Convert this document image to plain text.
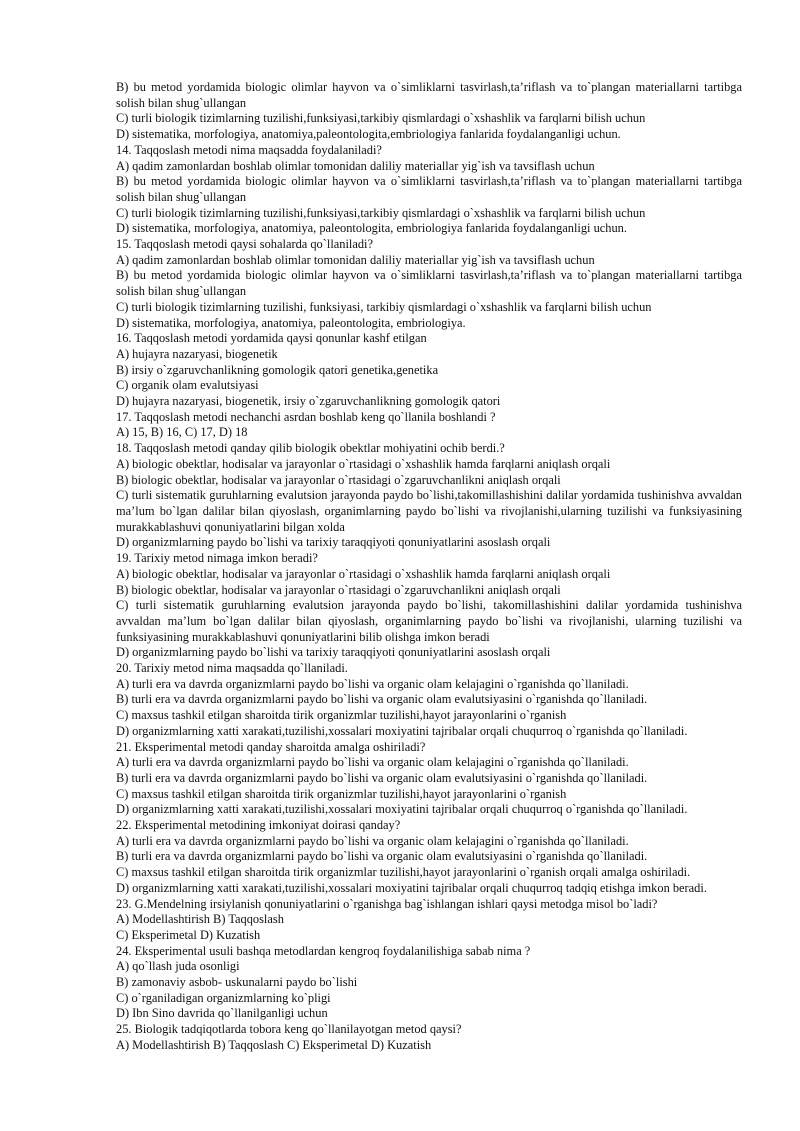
B) bu metod yordamida biologic olimlar hayvon va o`simliklarni tasvirlash,ta’riflash va to`plangan materiallarni tartibga solish bilan shug`ullangan

C) turli biologik tizimlarning tuzilishi,funksiyasi,tarkibiy qismlardagi o`xshashlik va farqlarni bilish uchun

D) sistematika, morfologiya, anatomiya,paleontologita,embriologiya fanlarida foydalanganligi uchun.

14. Taqqoslash metodi nima maqsadda foydalaniladi?

A) qadim zamonlardan boshlab olimlar tomonidan daliliy materiallar yig`ish va tavsiflash uchun

B) bu metod yordamida biologic olimlar hayvon va o`simliklarni tasvirlash,ta’riflash va to`plangan materiallarni tartibga solish bilan shug`ullangan

C) turli biologik tizimlarning tuzilishi,funksiyasi,tarkibiy qismlardagi o`xshashlik va farqlarni bilish uchun

D) sistematika, morfologiya, anatomiya, paleontologita, embriologiya fanlarida foydalanganligi uchun.

15. Taqqoslash metodi qaysi sohalarda qo`llaniladi?

A) qadim zamonlardan boshlab olimlar tomonidan daliliy materiallar yig`ish va tavsiflash uchun

B) bu metod yordamida biologic olimlar hayvon va o`simliklarni tasvirlash,ta’riflash va to`plangan materiallarni tartibga solish bilan shug`ullangan

C) turli biologik tizimlarning tuzilishi, funksiyasi, tarkibiy qismlardagi o`xshashlik va farqlarni bilish uchun

D) sistematika, morfologiya, anatomiya, paleontologita, embriologiya.

16. Taqqoslash metodi yordamida qaysi qonunlar kashf etilgan

A) hujayra nazaryasi, biogenetik

B) irsiy o`zgaruvchanlikning gomologik qatori genetika,genetika

C) organik olam evalutsiyasi

D) hujayra nazaryasi, biogenetik, irsiy o`zgaruvchanlikning gomologik qatori

17. Taqqoslash metodi nechanchi asrdan boshlab keng qo`llanila boshlandi ?

A) 15, B) 16, C) 17, D) 18

18. Taqqoslash metodi qanday qilib biologik obektlar mohiyatini ochib berdi.?

A) biologic obektlar, hodisalar va jarayonlar o`rtasidagi o`xshashlik hamda farqlarni aniqlash orqali

B) biologic obektlar, hodisalar va jarayonlar o`rtasidagi o`zgaruvchanlikni aniqlash orqali

C) turli sistematik guruhlarning evalutsion jarayonda paydo bo`lishi,takomillashishini dalilar yordamida tushinishva avvaldan ma’lum bo`lgan dalilar bilan qiyoslash, organimlarning paydo bo`lishi va rivojlanishi,ularning tuzilishi va funksiyasining murakkablashuvi qonuniyatlarini bilgan xolda

D) organizmlarning paydo bo`lishi va tarixiy taraqqiyoti qonuniyatlarini asoslash orqali

19. Tarixiy metod nimaga imkon beradi?

A) biologic obektlar, hodisalar va jarayonlar o`rtasidagi o`xshashlik hamda farqlarni aniqlash orqali

B) biologic obektlar, hodisalar va jarayonlar o`rtasidagi o`zgaruvchanlikni aniqlash orqali

C) turli sistematik guruhlarning evalutsion jarayonda paydo bo`lishi, takomillashishini dalilar yordamida tushinishva avvaldan ma’lum bo`lgan dalilar bilan qiyoslash, organimlarning paydo bo`lishi va rivojlanishi, ularning tuzilishi va funksiyasining murakkablashuvi qonuniyatlarini bilib olishga imkon beradi

D) organizmlarning paydo bo`lishi va tarixiy taraqqiyoti qonuniyatlarini asoslash orqali

20. Tarixiy metod nima maqsadda qo`llaniladi.

A) turli era va davrda organizmlarni paydo bo`lishi va organic olam kelajagini o`rganishda qo`llaniladi.

B) turli era va davrda organizmlarni paydo bo`lishi va organic olam evalutsiyasini o`rganishda qo`llaniladi.

C) maxsus tashkil etilgan sharoitda tirik organizmlar tuzilishi,hayot jarayonlarini o`rganish

D) organizmlarning xatti xarakati,tuzilishi,xossalari moxiyatini tajribalar orqali chuqurroq o`rganishda qo`llaniladi.

21. Eksperimental metodi qanday sharoitda amalga oshiriladi?

A) turli era va davrda organizmlarni paydo bo`lishi va organic olam kelajagini o`rganishda qo`llaniladi.

B) turli era va davrda organizmlarni paydo bo`lishi va organic olam evalutsiyasini o`rganishda qo`llaniladi.

C) maxsus tashkil etilgan sharoitda tirik organizmlar tuzilishi,hayot jarayonlarini o`rganish

D) organizmlarning xatti xarakati,tuzilishi,xossalari moxiyatini tajribalar orqali chuqurroq o`rganishda qo`llaniladi.

22. Eksperimental metodining imkoniyat doirasi qanday?

A) turli era va davrda organizmlarni paydo bo`lishi va organic olam kelajagini o`rganishda qo`llaniladi.

B) turli era va davrda organizmlarni paydo bo`lishi va organic olam evalutsiyasini o`rganishda qo`llaniladi.

C) maxsus tashkil etilgan sharoitda tirik organizmlar tuzilishi,hayot jarayonlarini o`rganish orqali amalga oshiriladi.

D) organizmlarning xatti xarakati,tuzilishi,xossalari moxiyatini tajribalar orqali chuqurroq tadqiq etishga imkon beradi.

23. G.Mendelning irsiylanish qonuniyatlarini o`rganishga bag`ishlangan ishlari qaysi metodga misol bo`ladi?

A) Modellashtirish B) Taqqoslash

C) Eksperimetal D) Kuzatish

24. Eksperimental usuli bashqa metodlardan kengroq foydalanilishiga sabab nima ?

A) qo`llash juda osonligi

B) zamonaviy asbob- uskunalarni paydo bo`lishi

C) o`rganiladigan organizmlarning ko`pligi

D) Ibn Sino davrida qo`llanilganligi uchun

25. Biologik tadqiqotlarda tobora keng qo`llanilayotgan metod qaysi?

A) Modellashtirish B) Taqqoslash C) Eksperimetal D) Kuzatish
